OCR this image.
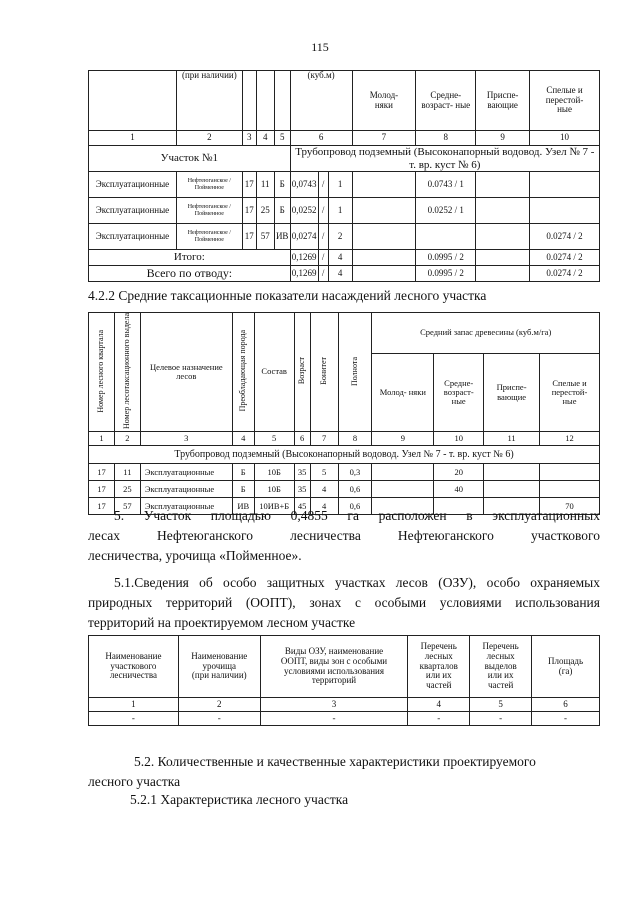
115
	(при наличии)				(куб.м)			Молод-
няки	Средне-
возраст- ные	Приспе-
вающие	Спелые и
перестой-
ные
1	2	3	4	5	6			7	8	9	10
Участок №1					Трубопровод подземный (Высоконапорный водовод. Узел № 7 - т. вр. куст № 6)						
Эксплуатационные	Нефтеюганское / Пойменное	17	11	Б	0,0743	/	1		0.0743 / 1		
Эксплуатационные	Нефтеюганское / Пойменное	17	25	Б	0,0252	/	1		0.0252 / 1		
Эксплуатационные	Нефтеюганское / Пойменное	17	57	ИВ	0,0274	/	2				0.0274 / 2
Итого:					0,1269	/	4		0.0995 / 2		0.0274 / 2
Всего по отводу:					0,1269	/	4		0.0995 / 2		0.0274 / 2
4.2.2 Средние таксационные показатели насаждений лесного участка
Номер лесного квартала	Номер лесотаксационного выдела	Целевое назначение лесов	Преобладающая порода	Состав	Возраст	Бонитет	Полнота	Средний запас древесины (куб.м/га)			
								Молод- няки	Средне-
возраст-
ные	Приспе-
вающие	Спелые и
перестой-
ные
1	2	3	4	5	6	7	8	9	10	11	12
Трубопровод подземный (Высоконапорный водовод. Узел № 7 - т. вр. куст № 6)											
17	11	Эксплуатационные	Б	10Б	35	5	0,3		20		
17	25	Эксплуатационные	Б	10Б	35	4	0,6		40		
17	57	Эксплуатационные	ИВ	10ИВ+Б	45	4	0,6				70
5. Участок площадью 0,4855 га расположен в эксплуатационных
лесах Нефтеюганского лесничества Нефтеюганского участкового
лесничества, урочища «Пойменное».
5.1.Сведения об особо защитных участках лесов (ОЗУ), особо охраняемых
природных территорий (ООПТ), зонах с особыми условиями использования
территорий на проектируемом лесном участке
Наименование
участкового
лесничества	Наименование
урочища
(при наличии)	Виды ОЗУ, наименование
ООПТ, виды зон с особыми
условиями использования
территорий	Перечень
лесных
кварталов
или их
частей	Перечень
лесных
выделов
или их
частей	Площадь
(га)
1	2	3	4	5	6
-	-	-	-	-	-
5.2. Количественные и качественные характеристики проектируемого
лесного участка
5.2.1 Характеристика лесного участка
